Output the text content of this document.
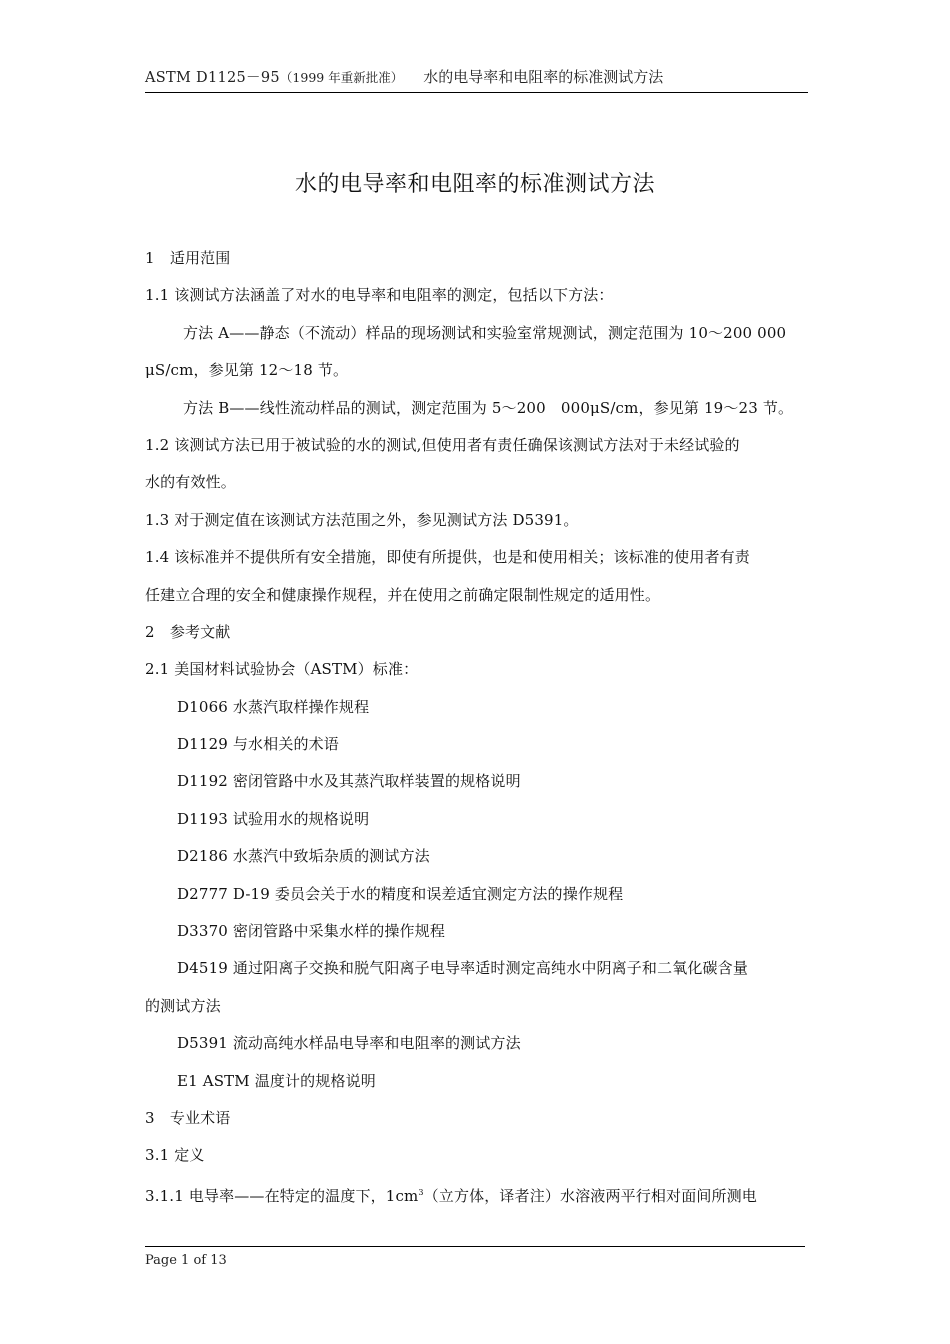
ASTM D1125－95（1999 年重新批准） 水的电导率和电阻率的标准测试方法
水的电导率和电阻率的标准测试方法
1　适用范围
1.1 该测试方法涵盖了对水的电导率和电阻率的测定，包括以下方法：
方法 A——静态（不流动）样品的现场测试和实验室常规测试，测定范围为 10～200 000
μS/cm，参见第 12～18 节。
方法 B——线性流动样品的测试，测定范围为 5～200　000μS/cm，参见第 19～23 节。
1.2 该测试方法已用于被试验的水的测试,但使用者有责任确保该测试方法对于未经试验的
水的有效性。
1.3 对于测定值在该测试方法范围之外，参见测试方法 D5391。
1.4 该标准并不提供所有安全措施，即使有所提供，也是和使用相关；该标准的使用者有责
任建立合理的安全和健康操作规程，并在使用之前确定限制性规定的适用性。
2　参考文献
2.1 美国材料试验协会（ASTM）标准：
D1066 水蒸汽取样操作规程
D1129 与水相关的术语
D1192 密闭管路中水及其蒸汽取样装置的规格说明
D1193 试验用水的规格说明
D2186 水蒸汽中致垢杂质的测试方法
D2777 D-19 委员会关于水的精度和误差适宜测定方法的操作规程
D3370 密闭管路中采集水样的操作规程
D4519 通过阳离子交换和脱气阳离子电导率适时测定高纯水中阴离子和二氧化碳含量
的测试方法
D5391 流动高纯水样品电导率和电阻率的测试方法
E1 ASTM 温度计的规格说明
3　专业术语
3.1 定义
3.1.1 电导率——在特定的温度下，$1cm^3$（立方体，译者注）水溶液两平行相对面间所测电
Page 1 of 13
